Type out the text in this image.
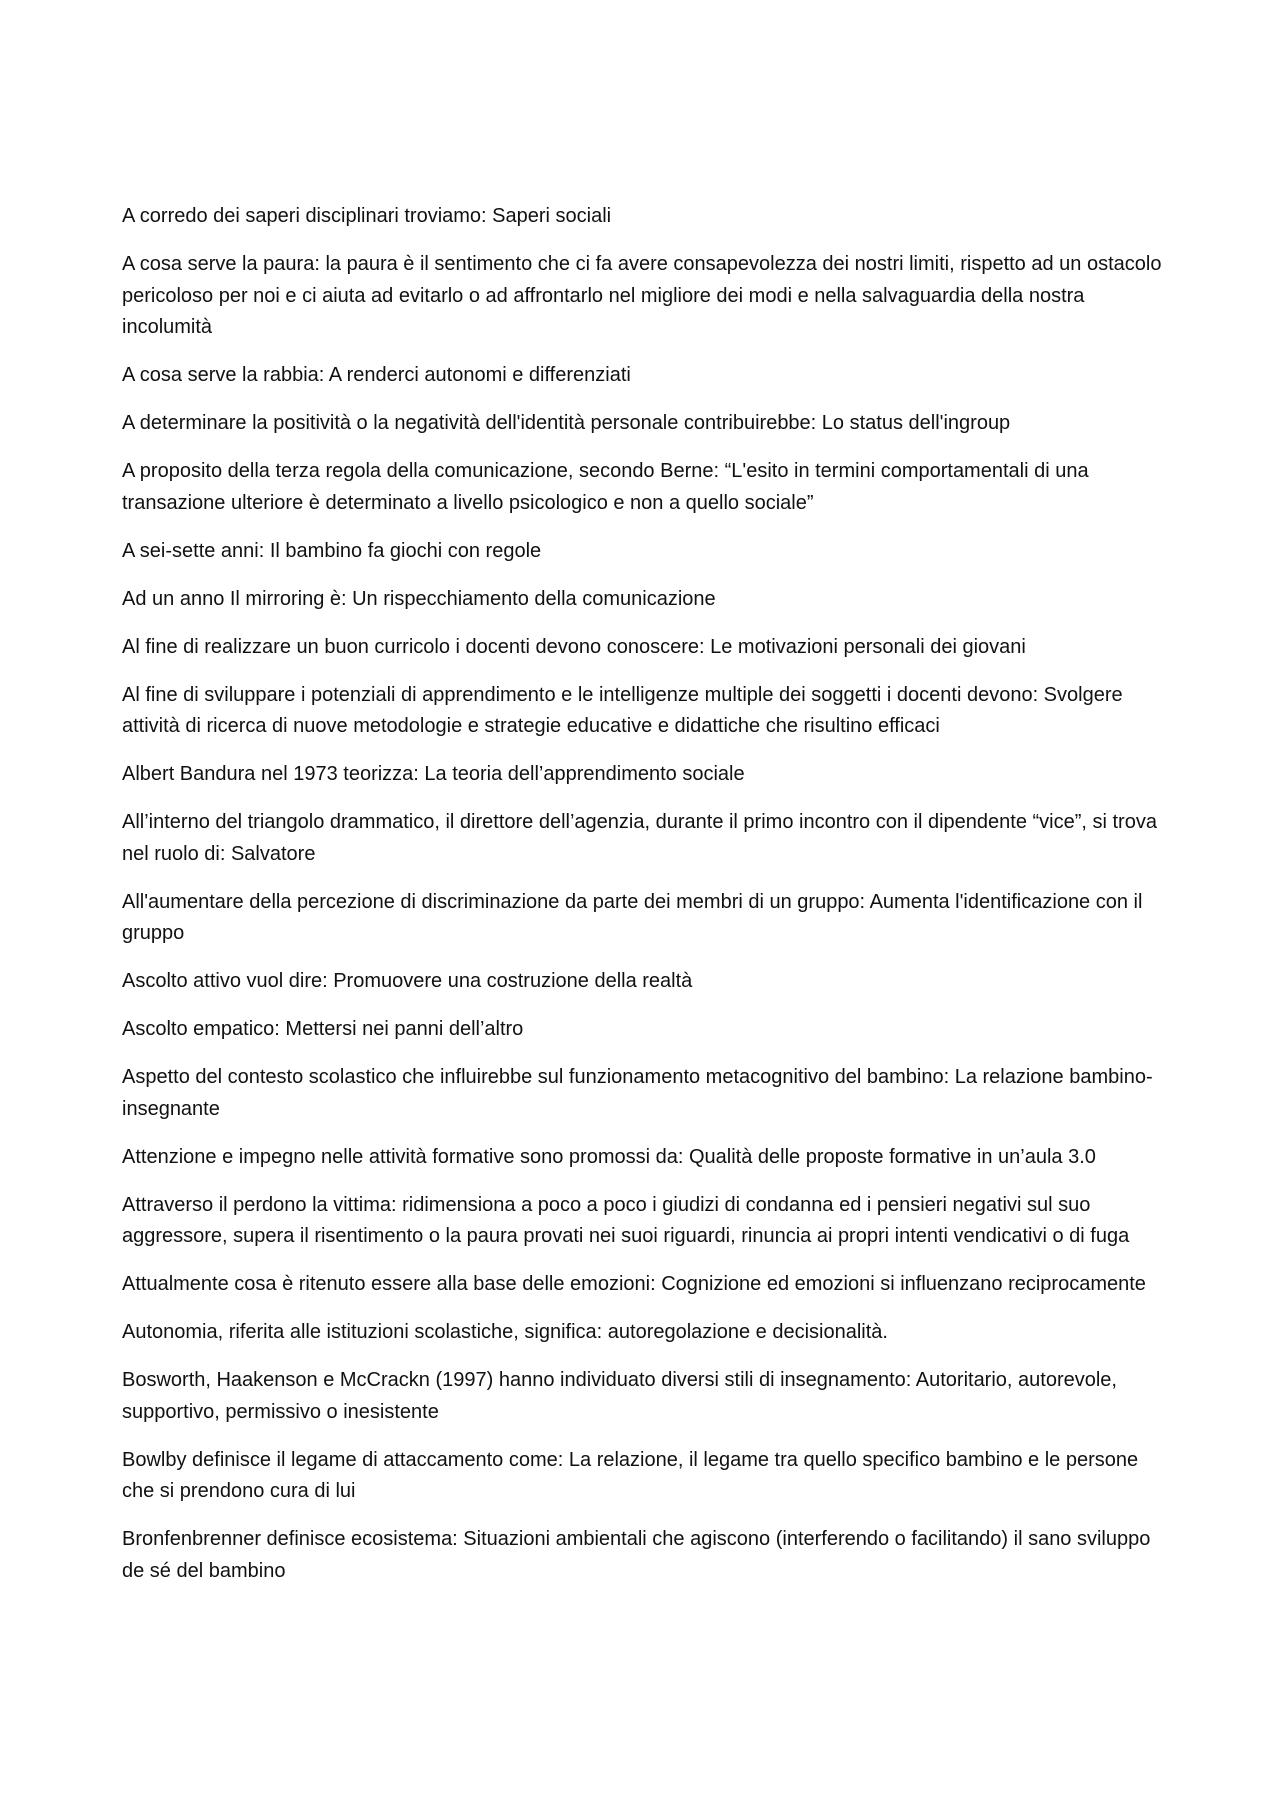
A corredo dei saperi disciplinari troviamo: Saperi sociali

A cosa serve la paura: la paura è il sentimento che ci fa avere consapevolezza dei nostri limiti, rispetto ad un ostacolo pericoloso per noi e ci aiuta ad evitarlo o ad affrontarlo nel migliore dei modi e nella salvaguardia della nostra incolumità

A cosa serve la rabbia: A renderci autonomi e differenziati

A determinare la positività o la negatività dell'identità personale contribuirebbe: Lo status dell'ingroup

A proposito della terza regola della comunicazione, secondo Berne: “L'esito in termini comportamentali di una transazione ulteriore è determinato a livello psicologico e non a quello sociale”

A sei-sette anni: Il bambino fa giochi con regole

Ad un anno Il mirroring è: Un rispecchiamento della comunicazione

Al fine di realizzare un buon curricolo i docenti devono conoscere: Le motivazioni personali dei giovani

Al fine di sviluppare i potenziali di apprendimento e le intelligenze multiple dei soggetti i docenti devono: Svolgere attività di ricerca di nuove metodologie e strategie educative e didattiche che risultino efficaci

Albert Bandura nel 1973 teorizza: La teoria dell’apprendimento sociale

All’interno del triangolo drammatico, il direttore dell’agenzia, durante il primo incontro con il dipendente “vice”, si trova nel ruolo di: Salvatore

All'aumentare della percezione di discriminazione da parte dei membri di un gruppo: Aumenta l'identificazione con il gruppo

Ascolto attivo vuol dire: Promuovere una costruzione della realtà

Ascolto empatico: Mettersi nei panni dell’altro

Aspetto del contesto scolastico che influirebbe sul funzionamento metacognitivo del bambino: La relazione bambino-insegnante

Attenzione e impegno nelle attività formative sono promossi da: Qualità delle proposte formative in un’aula 3.0

Attraverso il perdono la vittima: ridimensiona a poco a poco i giudizi di condanna ed i pensieri negativi sul suo aggressore, supera il risentimento o la paura provati nei suoi riguardi, rinuncia ai propri intenti vendicativi o di fuga

Attualmente cosa è ritenuto essere alla base delle emozioni: Cognizione ed emozioni si influenzano reciprocamente

Autonomia, riferita alle istituzioni scolastiche, significa: autoregolazione e decisionalità.

Bosworth, Haakenson e McCrackn (1997) hanno individuato diversi stili di insegnamento: Autoritario, autorevole, supportivo, permissivo o inesistente

Bowlby definisce il legame di attaccamento come: La relazione, il legame tra quello specifico bambino e le persone che si prendono cura di lui

Bronfenbrenner definisce ecosistema: Situazioni ambientali che agiscono (interferendo o facilitando) il sano sviluppo de sé del bambino
